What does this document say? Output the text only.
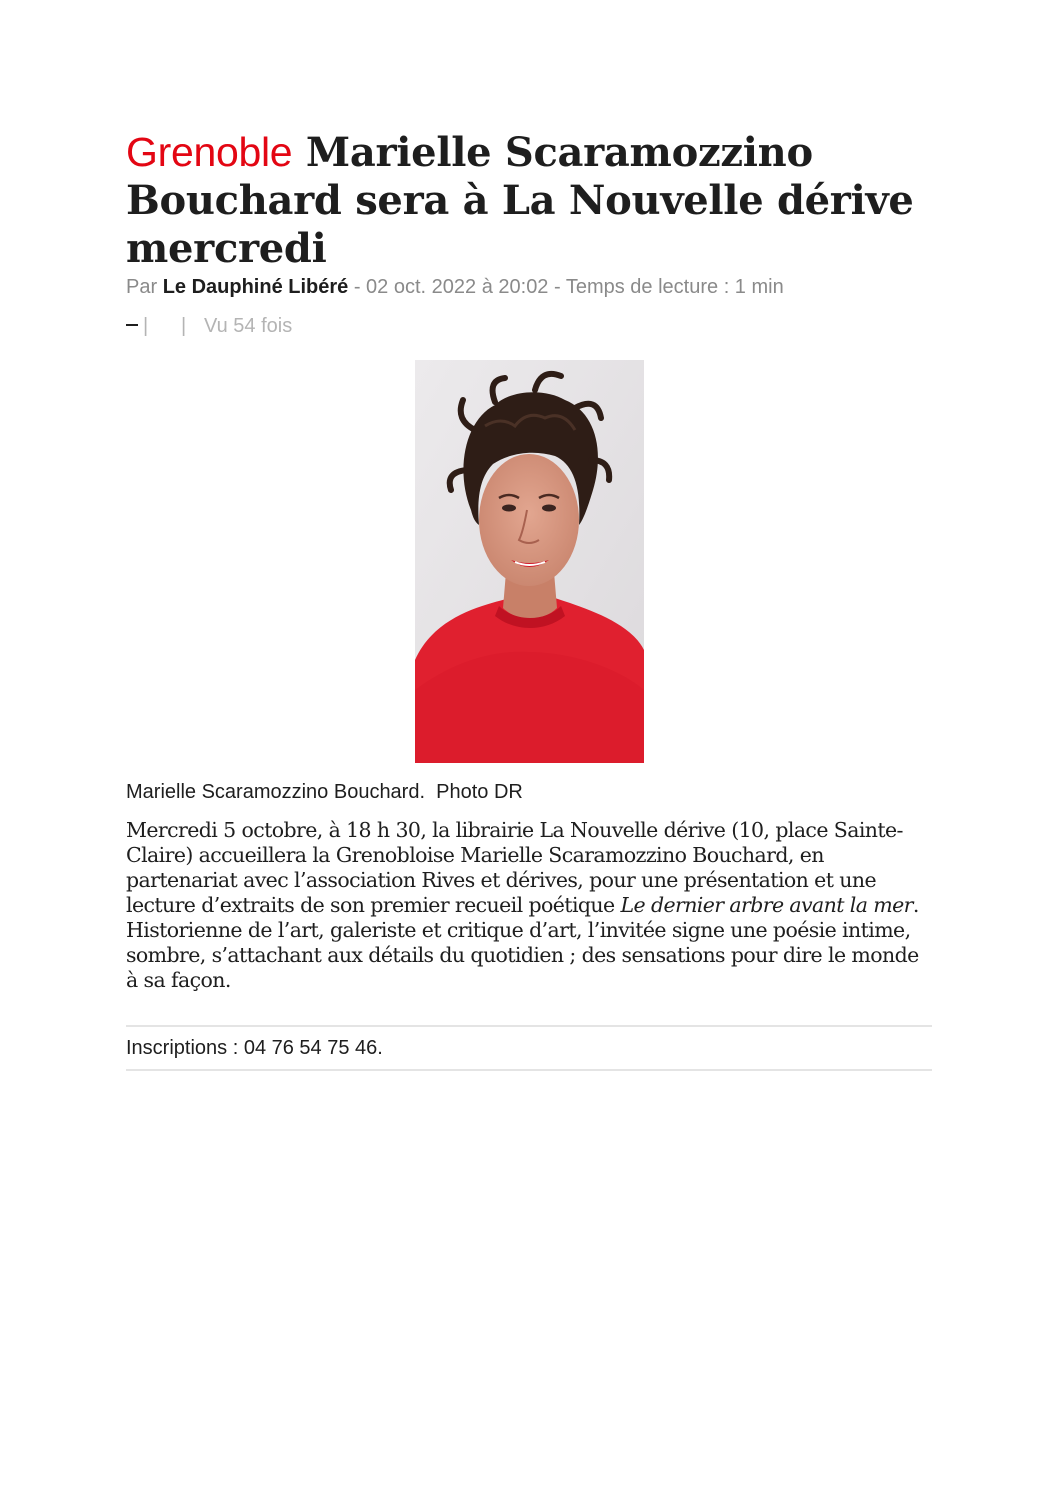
Grenoble Marielle Scaramozzino Bouchard sera à La Nouvelle dérive mercredi
Par Le Dauphiné Libéré - 02 oct. 2022 à 20:02 - Temps de lecture : 1 min
| | Vu 54 fois
Marielle Scaramozzino Bouchard.  Photo DR

Mercredi 5 octobre, à 18 h 30, la librairie La Nouvelle dérive (10, place Sainte-Claire) accueillera la Grenobloise Marielle Scaramozzino Bouchard, en partenariat avec l’association Rives et dérives, pour une présentation et une lecture d’extraits de son premier recueil poétique Le dernier arbre avant la mer. Historienne de l’art, galeriste et critique d’art, l’invitée signe une poésie intime, sombre, s’attachant aux détails du quotidien ; des sensations pour dire le monde à sa façon.

Inscriptions : 04 76 54 75 46.
